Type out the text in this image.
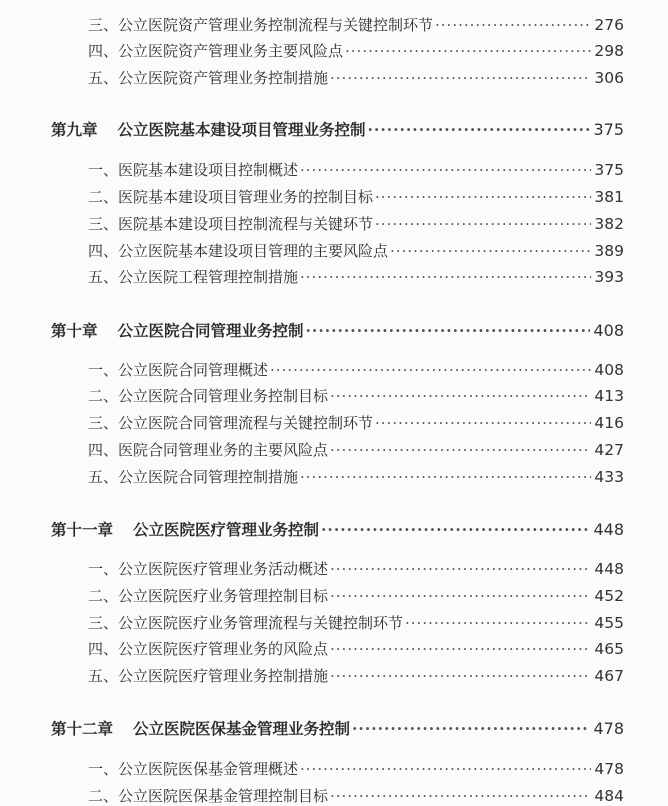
三、公立医院资产管理业务控制流程与关键控制环节 ·····	276
四、公立医院资产管理业务主要风险点 ·····	298
五、公立医院资产管理业务控制措施 ·····	306
第九章 公立医院基本建设项目管理业务控制 ·····	375
一、医院基本建设项目控制概述 ·····	375
二、医院基本建设项目管理业务的控制目标 ·····	381
三、医院基本建设项目控制流程与关键环节 ·····	382
四、公立医院基本建设项目管理的主要风险点 ·····	389
五、公立医院工程管理控制措施 ·····	393
第十章 公立医院合同管理业务控制 ·····	408
一、公立医院合同管理概述 ·····	408
二、公立医院合同管理业务控制目标 ·····	413
三、公立医院合同管理流程与关键控制环节 ·····	416
四、医院合同管理业务的主要风险点 ·····	427
五、公立医院合同管理控制措施 ·····	433
第十一章 公立医院医疗管理业务控制 ·····	448
一、公立医院医疗管理业务活动概述 ·····	448
二、公立医院医疗业务管理控制目标 ·····	452
三、公立医院医疗业务管理流程与关键控制环节 ·····	455
四、公立医院医疗管理业务的风险点 ·····	465
五、公立医院医疗管理业务控制措施 ·····	467
第十二章 公立医院医保基金管理业务控制 ·····	478
一、公立医院医保基金管理概述 ·····	478
二、公立医院医保基金管理控制目标 ·····	484
